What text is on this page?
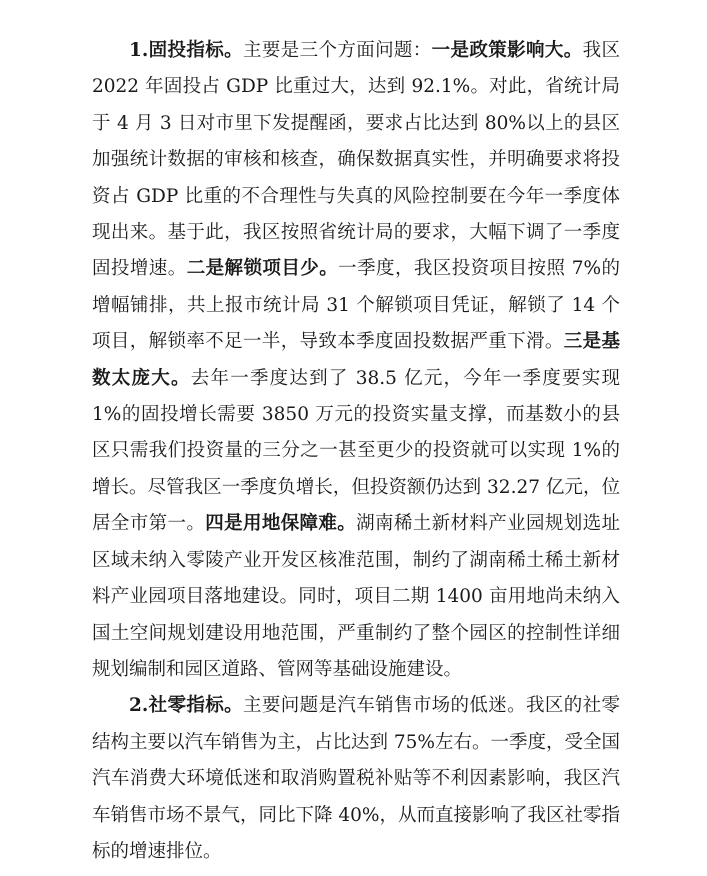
1.固投指标。主要是三个方面问题：一是政策影响大。我区 2022 年固投占 GDP 比重过大，达到 92.1%。对此，省统计局于 4 月 3 日对市里下发提醒函，要求占比达到 80%以上的县区加强统计数据的审核和核查，确保数据真实性，并明确要求将投资占 GDP 比重的不合理性与失真的风险控制要在今年一季度体现出来。基于此，我区按照省统计局的要求，大幅下调了一季度固投增速。二是解锁项目少。一季度，我区投资项目按照 7%的增幅铺排，共上报市统计局 31 个解锁项目凭证，解锁了 14 个项目，解锁率不足一半，导致本季度固投数据严重下滑。三是基数太庞大。去年一季度达到了 38.5 亿元，今年一季度要实现 1%的固投增长需要 3850 万元的投资实量支撑，而基数小的县区只需我们投资量的三分之一甚至更少的投资就可以实现 1%的增长。尽管我区一季度负增长，但投资额仍达到 32.27 亿元，位居全市第一。四是用地保障难。湖南稀土新材料产业园规划选址区域未纳入零陵产业开发区核准范围，制约了湖南稀土稀土新材料产业园项目落地建设。同时，项目二期 1400 亩用地尚未纳入国土空间规划建设用地范围，严重制约了整个园区的控制性详细规划编制和园区道路、管网等基础设施建设。

2.社零指标。主要问题是汽车销售市场的低迷。我区的社零结构主要以汽车销售为主，占比达到 75%左右。一季度，受全国汽车消费大环境低迷和取消购置税补贴等不利因素影响，我区汽车销售市场不景气，同比下降 40%，从而直接影响了我区社零指标的增速排位。
